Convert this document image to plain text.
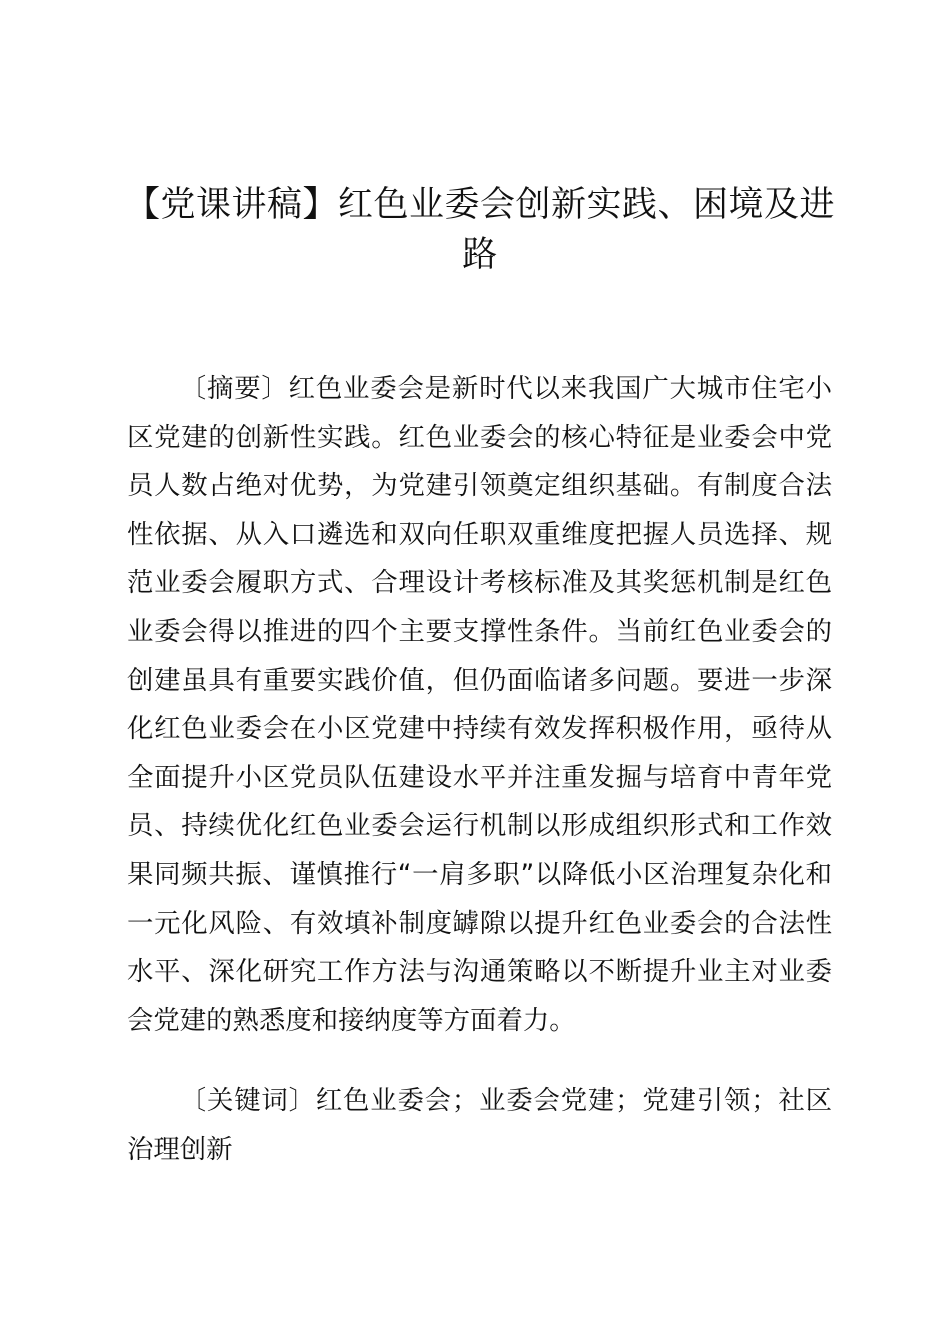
【党课讲稿】红色业委会创新实践、困境及进路

〔摘要〕红色业委会是新时代以来我国广大城市住宅小区党建的创新性实践。红色业委会的核心特征是业委会中党员人数占绝对优势，为党建引领奠定组织基础。有制度合法性依据、从入口遴选和双向任职双重维度把握人员选择、规范业委会履职方式、合理设计考核标准及其奖惩机制是红色业委会得以推进的四个主要支撑性条件。当前红色业委会的创建虽具有重要实践价值，但仍面临诸多问题。要进一步深化红色业委会在小区党建中持续有效发挥积极作用，亟待从全面提升小区党员队伍建设水平并注重发掘与培育中青年党员、持续优化红色业委会运行机制以形成组织形式和工作效果同频共振、谨慎推行“一肩多职”以降低小区治理复杂化和一元化风险、有效填补制度罅隙以提升红色业委会的合法性水平、深化研究工作方法与沟通策略以不断提升业主对业委会党建的熟悉度和接纳度等方面着力。

〔关键词〕红色业委会；业委会党建；党建引领；社区治理创新
